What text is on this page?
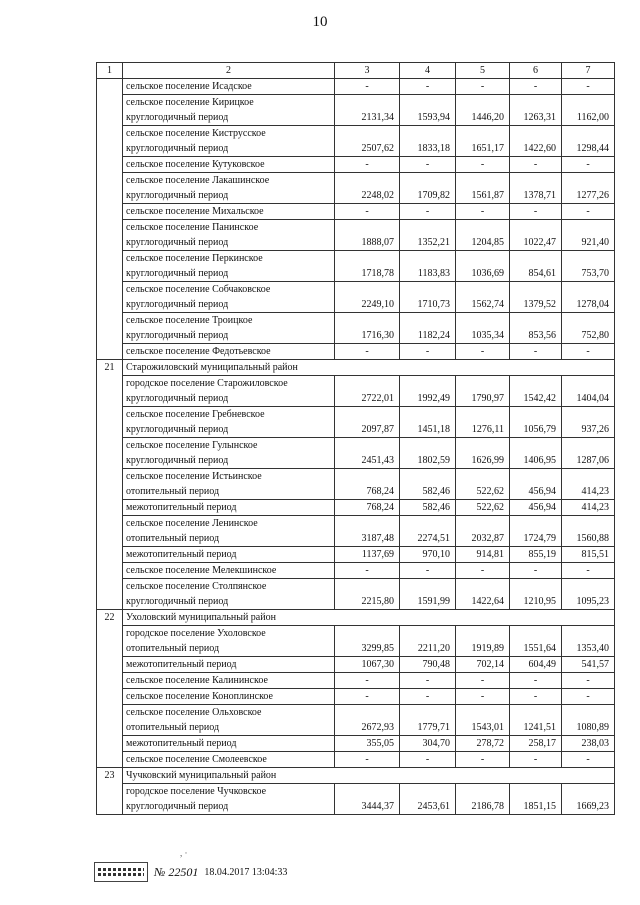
10
1	2	3	4	5	6	7
	сельское поселение Исадское	-	-	-	-	-
	сельское поселение Кирицкое					
	круглогодичный период	2131,34	1593,94	1446,20	1263,31	1162,00
	сельское поселение Киструсское					
	круглогодичный период	2507,62	1833,18	1651,17	1422,60	1298,44
	сельское поселение Кутуковское	-	-	-	-	-
	сельское поселение Лакашинское					
	круглогодичный период	2248,02	1709,82	1561,87	1378,71	1277,26
	сельское поселение Михальское	-	-	-	-	-
	сельское поселение Панинское					
	круглогодичный период	1888,07	1352,21	1204,85	1022,47	921,40
	сельское поселение Перкинское					
	круглогодичный период	1718,78	1183,83	1036,69	854,61	753,70
	сельское поселение Собчаковское					
	круглогодичный период	2249,10	1710,73	1562,74	1379,52	1278,04
	сельское поселение Троицкое					
	круглогодичный период	1716,30	1182,24	1035,34	853,56	752,80
	сельское поселение Федотьевское	-	-	-	-	-
21	Старожиловский муниципальный район					
	городское поселение Старожиловское					
	круглогодичный период	2722,01	1992,49	1790,97	1542,42	1404,04
	сельское поселение Гребневское					
	круглогодичный период	2097,87	1451,18	1276,11	1056,79	937,26
	сельское поселение Гулынское					
	круглогодичный период	2451,43	1802,59	1626,99	1406,95	1287,06
	сельское поселение Истьинское					
	отопительный период	768,24	582,46	522,62	456,94	414,23
	межотопительный период	768,24	582,46	522,62	456,94	414,23
	сельское поселение Ленинское					
	отопительный период	3187,48	2274,51	2032,87	1724,79	1560,88
	межотопительный период	1137,69	970,10	914,81	855,19	815,51
	сельское поселение Мелекшинское	-	-	-	-	-
	сельское поселение Столпянское					
	круглогодичный период	2215,80	1591,99	1422,64	1210,95	1095,23
22	Ухоловский муниципальный район					
	городское поселение Ухоловское					
	отопительный период	3299,85	2211,20	1919,89	1551,64	1353,40
	межотопительный период	1067,30	790,48	702,14	604,49	541,57
	сельское поселение Калининское	-	-	-	-	-
	сельское поселение Коноплинское	-	-	-	-	-
	сельское поселение Ольховское					
	отопительный период	2672,93	1779,71	1543,01	1241,51	1080,89
	межотопительный период	355,05	304,70	278,72	258,17	238,03
	сельское поселение Смолеевское	-	-	-	-	-
23	Чучковский муниципальный район					
	городское поселение Чучковское					
	круглогодичный период	3444,37	2453,61	2186,78	1851,15	1669,23
, ·
№ 22501 18.04.2017 13:04:33
